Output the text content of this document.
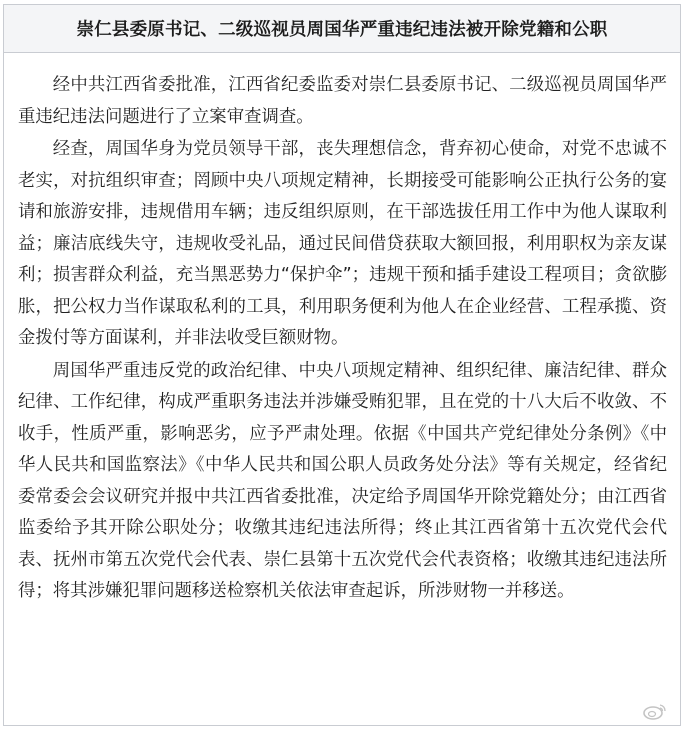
崇仁县委原书记、二级巡视员周国华严重违纪违法被开除党籍和公职

经中共江西省委批准，江西省纪委监委对崇仁县委原书记、二级巡视员周国华严重违纪违法问题进行了立案审查调查。

经查，周国华身为党员领导干部，丧失理想信念，背弃初心使命，对党不忠诚不老实，对抗组织审查；罔顾中央八项规定精神，长期接受可能影响公正执行公务的宴请和旅游安排，违规借用车辆；违反组织原则，在干部选拔任用工作中为他人谋取利益；廉洁底线失守，违规收受礼品，通过民间借贷获取大额回报，利用职权为亲友谋利；损害群众利益，充当黑恶势力“保护伞”；违规干预和插手建设工程项目；贪欲膨胀，把公权力当作谋取私利的工具，利用职务便利为他人在企业经营、工程承揽、资金拨付等方面谋利，并非法收受巨额财物。

周国华严重违反党的政治纪律、中央八项规定精神、组织纪律、廉洁纪律、群众纪律、工作纪律，构成严重职务违法并涉嫌受贿犯罪，且在党的十八大后不收敛、不收手，性质严重，影响恶劣，应予严肃处理。依据《中国共产党纪律处分条例》《中华人民共和国监察法》《中华人民共和国公职人员政务处分法》等有关规定，经省纪委常委会会议研究并报中共江西省委批准，决定给予周国华开除党籍处分；由江西省监委给予其开除公职处分；收缴其违纪违法所得；终止其江西省第十五次党代会代表、抚州市第五次党代会代表、崇仁县第十五次党代会代表资格；收缴其违纪违法所得；将其涉嫌犯罪问题移送检察机关依法审查起诉，所涉财物一并移送。
